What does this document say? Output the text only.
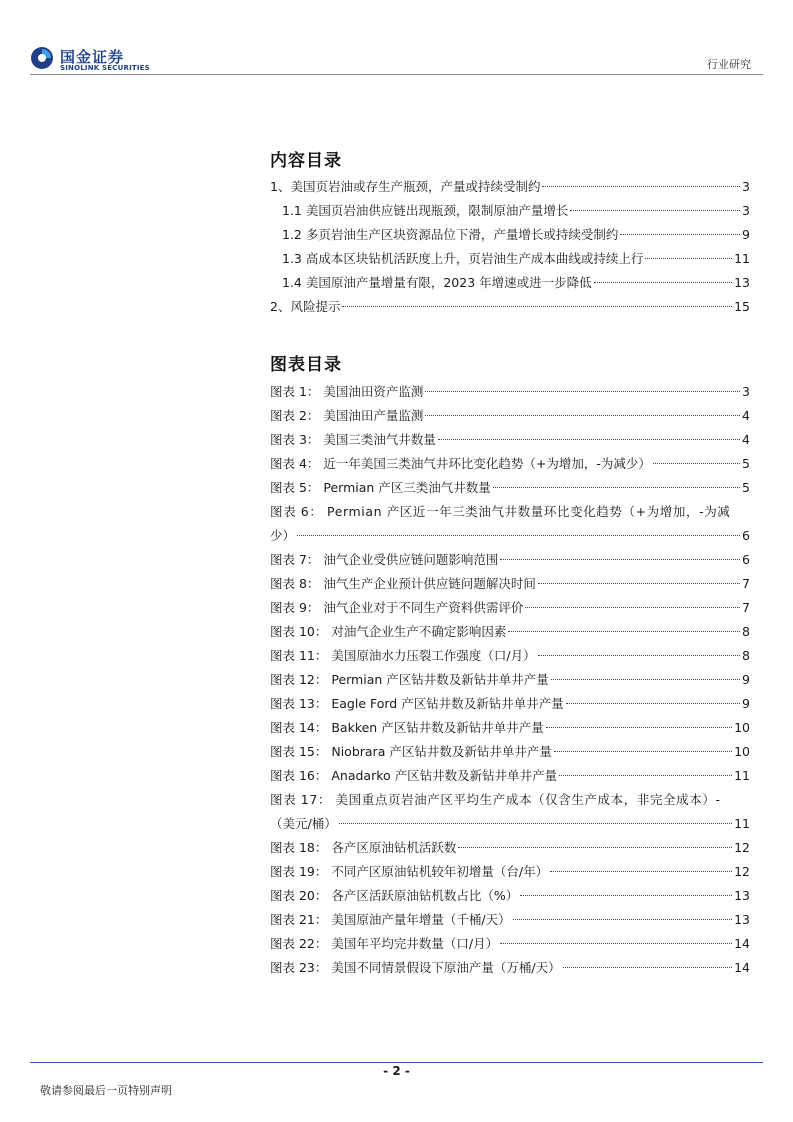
国金证券
SINOLINK SECURITIES	行业研究
内容目录
1、美国页岩油或存生产瓶颈，产量或持续受制约	3
1.1 美国页岩油供应链出现瓶颈，限制原油产量增长	3
1.2 多页岩油生产区块资源品位下滑，产量增长或持续受制约	9
1.3 高成本区块钻机活跃度上升，页岩油生产成本曲线或持续上行	11
1.4 美国原油产量增量有限，2023 年增速或进一步降低	13
2、风险提示	15
图表目录
图表 1： 美国油田资产监测	3
图表 2： 美国油田产量监测	4
图表 3： 美国三类油气井数量	4
图表 4： 近一年美国三类油气井环比变化趋势（+为增加，-为减少）	5
图表 5： Permian 产区三类油气井数量	5
图表 6： Permian 产区近一年三类油气井数量环比变化趋势（+为增加，-为减
少）	6
图表 7： 油气企业受供应链问题影响范围	6
图表 8： 油气生产企业预计供应链问题解决时间	7
图表 9： 油气企业对于不同生产资料供需评价	7
图表 10： 对油气企业生产不确定影响因素	8
图表 11： 美国原油水力压裂工作强度（口/月）	8
图表 12： Permian 产区钻井数及新钻井单井产量	9
图表 13： Eagle Ford 产区钻井数及新钻井单井产量	9
图表 14： Bakken 产区钻井数及新钻井单井产量	10
图表 15： Niobrara 产区钻井数及新钻井单井产量	10
图表 16： Anadarko 产区钻井数及新钻井单井产量	11
图表 17： 美国重点页岩油产区平均生产成本（仅含生产成本，非完全成本）-
（美元/桶）	11
图表 18： 各产区原油钻机活跃数	12
图表 19： 不同产区原油钻机较年初增量（台/年）	12
图表 20： 各产区活跃原油钻机数占比（%）	13
图表 21： 美国原油产量年增量（千桶/天）	13
图表 22： 美国年平均完井数量（口/月）	14
图表 23： 美国不同情景假设下原油产量（万桶/天）	14
- 2 -
敬请参阅最后一页特别声明
